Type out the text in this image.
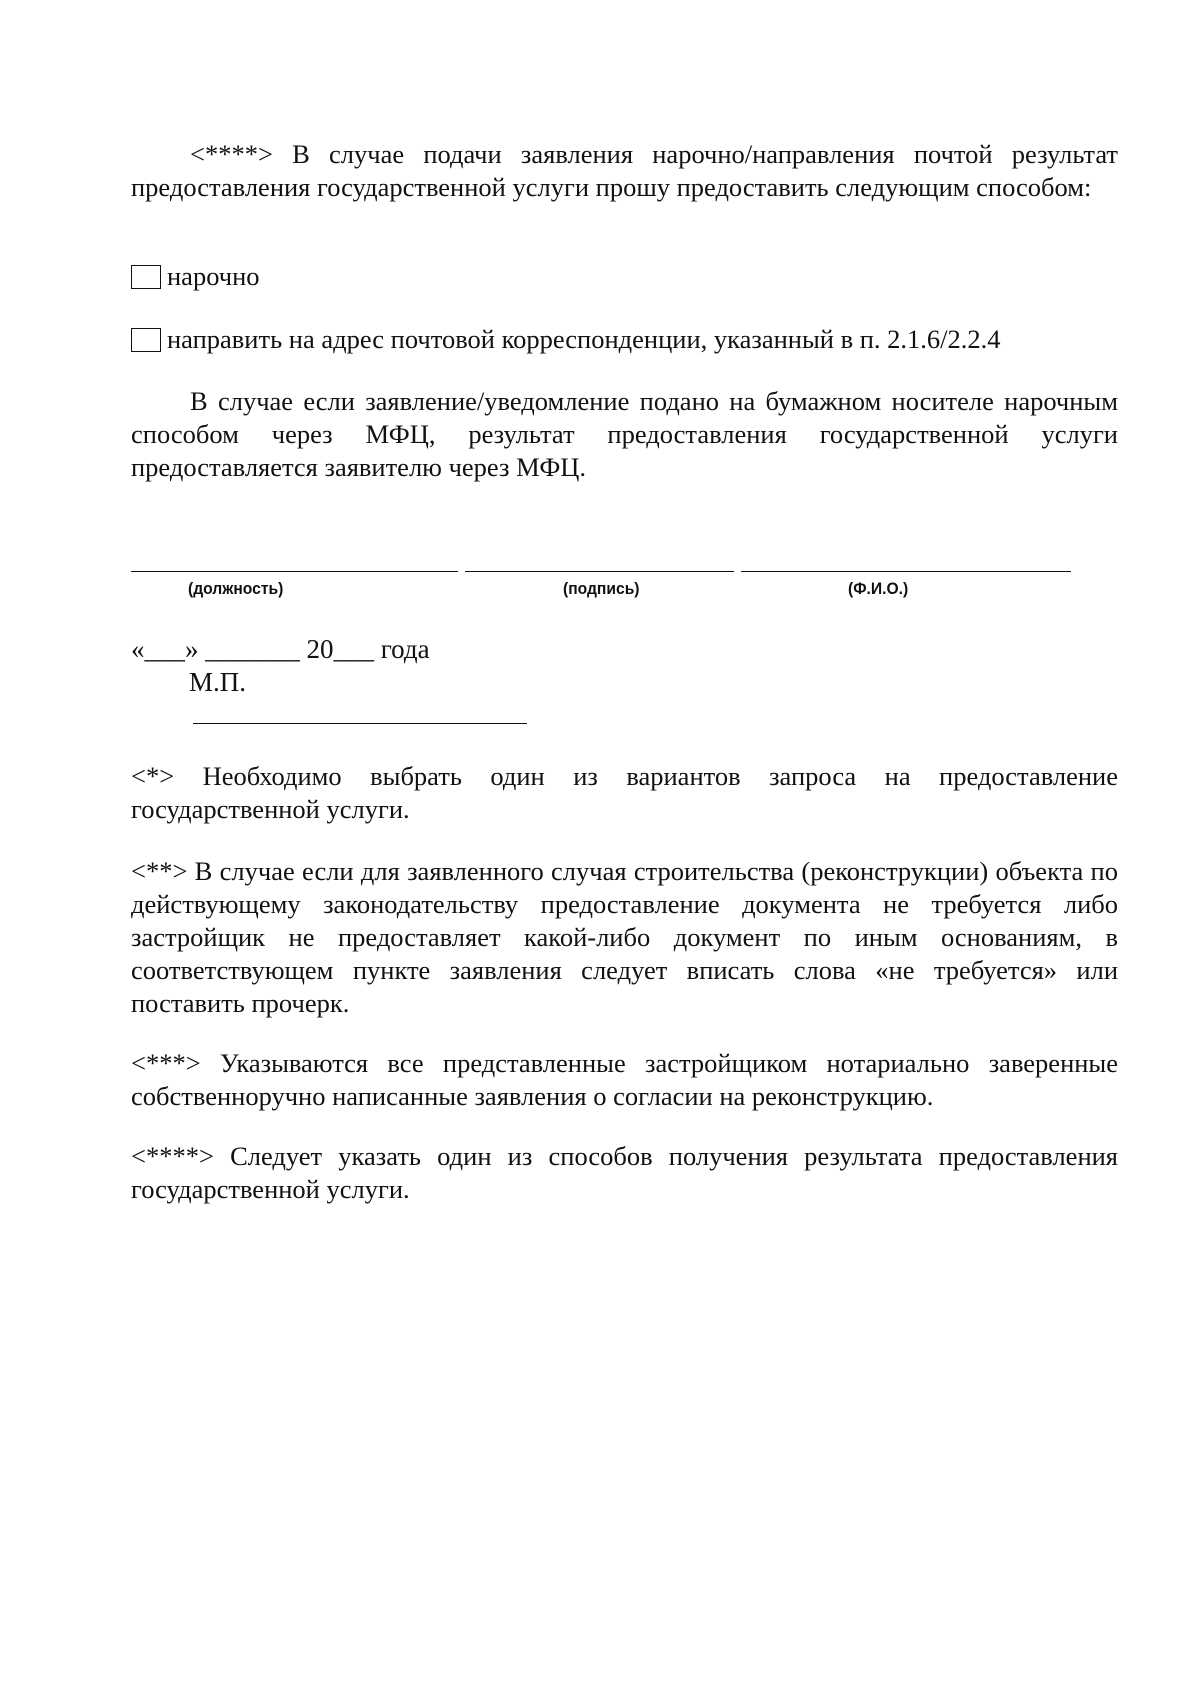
<****> В случае подачи заявления нарочно/направления почтой результат предоставления государственной услуги прошу предоставить следующим способом:

нарочно
направить на адрес почтовой корреспонденции, указанный в п. 2.1.6/2.2.4

В случае если заявление/уведомление подано на бумажном носителе нарочным способом через МФЦ, результат предоставления государственной услуги предоставляется заявителю через МФЦ.

(должность)	(подпись)	(Ф.И.О.)
«___» _______ 20___ года
М.П.

<*> Необходимо выбрать один из вариантов запроса на предоставление государственной услуги.

<**> В случае если для заявленного случая строительства (реконструкции) объекта по действующему законодательству предоставление документа не требуется либо застройщик не предоставляет какой-либо документ по иным основаниям, в соответствующем пункте заявления следует вписать слова «не требуется» или поставить прочерк.

<***> Указываются все представленные застройщиком нотариально заверенные собственноручно написанные заявления о согласии на реконструкцию.

<****> Следует указать один из способов получения результата предоставления государственной услуги.
